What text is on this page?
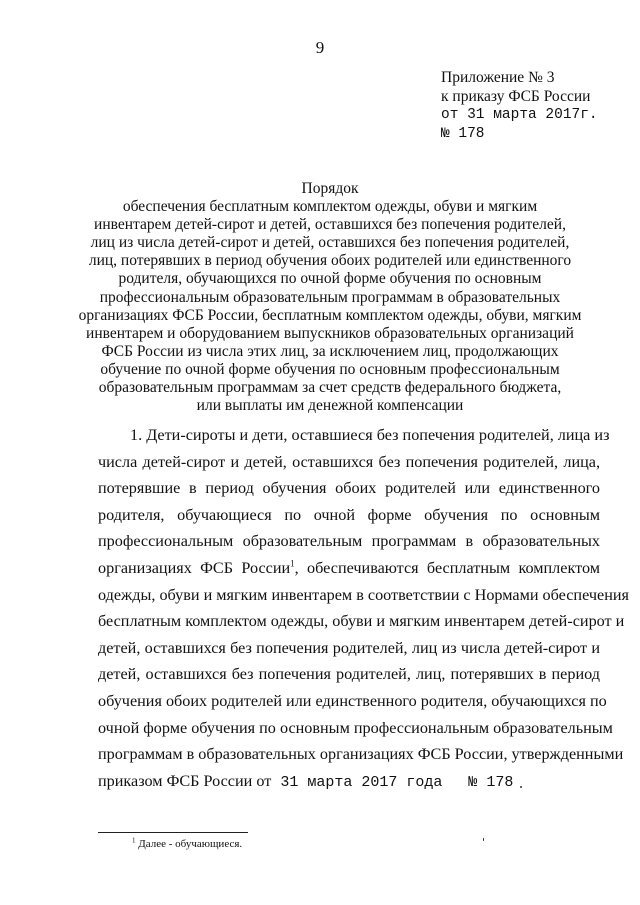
9
Приложение № 3
к приказу ФСБ России
от 31 марта 2017г.
№ 178
Порядок
обеспечения бесплатным комплектом одежды, обуви и мягким
инвентарем детей-сирот и детей, оставшихся без попечения родителей,
лиц из числа детей-сирот и детей, оставшихся без попечения родителей,
лиц, потерявших в период обучения обоих родителей или единственного
родителя, обучающихся по очной форме обучения по основным
профессиональным образовательным программам в образовательных
организациях ФСБ России, бесплатным комплектом одежды, обуви, мягким
инвентарем и оборудованием выпускников образовательных организаций
ФСБ России из числа этих лиц, за исключением лиц, продолжающих
обучение по очной форме обучения по основным профессиональным
образовательным программам за счет средств федерального бюджета,
или выплаты им денежной компенсации
1. Дети-сироты и дети, оставшиеся без попечения родителей, лица из
числа детей-сирот и детей, оставшихся без попечения родителей, лица,
потерявшие в период обучения обоих родителей или единственного
родителя, обучающиеся по очной форме обучения по основным
профессиональным образовательным программам в образовательных
организациях ФСБ России$^1$, обеспечиваются бесплатным комплектом
одежды, обуви и мягким инвентарем в соответствии с Нормами обеспечения
бесплатным комплектом одежды, обуви и мягким инвентарем детей-сирот и
детей, оставшихся без попечения родителей, лиц из числа детей-сирот и
детей, оставшихся без попечения родителей, лиц, потерявших в период
обучения обоих родителей или единственного родителя, обучающихся по
очной форме обучения по основным профессиональным образовательным
программам в образовательных организациях ФСБ России, утвержденными
приказом ФСБ России от 31 марта 2017 года № 178
$^1$ Далее - обучающиеся.
